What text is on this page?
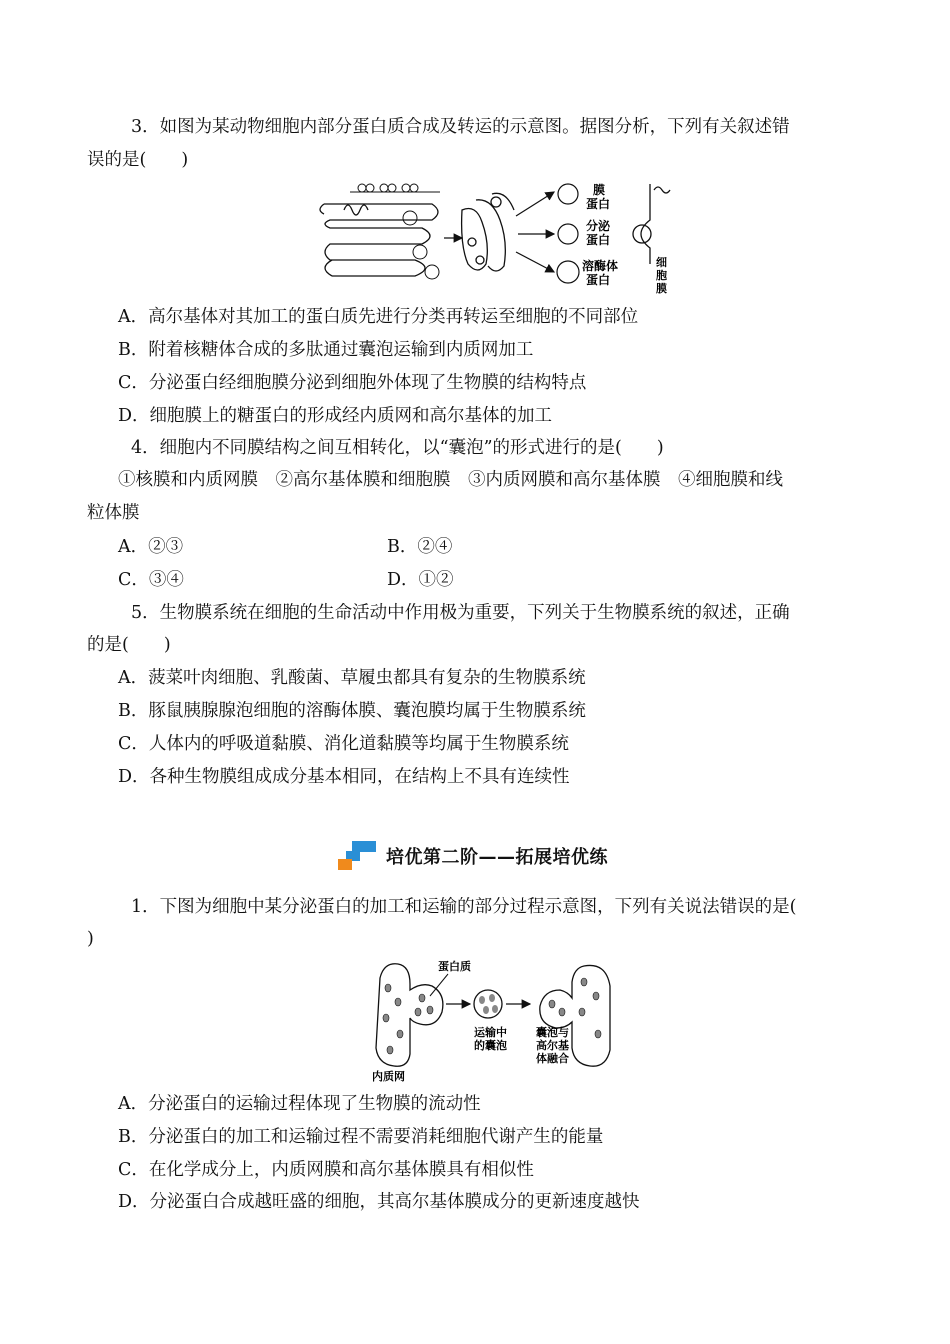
3．如图为某动物细胞内部分蛋白质合成及转运的示意图。据图分析，下列有关叙述错
误的是(　　)
膜
蛋白
分泌
蛋白
溶酶体
蛋白
细
胞
膜
A．高尔基体对其加工的蛋白质先进行分类再转运至细胞的不同部位
B．附着核糖体合成的多肽通过囊泡运输到内质网加工
C．分泌蛋白经细胞膜分泌到细胞外体现了生物膜的结构特点
D．细胞膜上的糖蛋白的形成经内质网和高尔基体的加工
4．细胞内不同膜结构之间互相转化，以“囊泡”的形式进行的是(　　)
①核膜和内质网膜　②高尔基体膜和细胞膜　③内质网膜和高尔基体膜　④细胞膜和线
粒体膜
A．②③	B．②④
C．③④	D．①②
5．生物膜系统在细胞的生命活动中作用极为重要，下列关于生物膜系统的叙述，正确
的是(　　)
A．菠菜叶肉细胞、乳酸菌、草履虫都具有复杂的生物膜系统
B．豚鼠胰腺腺泡细胞的溶酶体膜、囊泡膜均属于生物膜系统
C．人体内的呼吸道黏膜、消化道黏膜等均属于生物膜系统
D．各种生物膜组成成分基本相同，在结构上不具有连续性
培优第二阶——拓展培优练
1．下图为细胞中某分泌蛋白的加工和运输的部分过程示意图，下列有关说法错误的是(
)
蛋白质
运输中
的囊泡
囊泡与
高尔基
体融合
内质网
A．分泌蛋白的运输过程体现了生物膜的流动性
B．分泌蛋白的加工和运输过程不需要消耗细胞代谢产生的能量
C．在化学成分上，内质网膜和高尔基体膜具有相似性
D．分泌蛋白合成越旺盛的细胞，其高尔基体膜成分的更新速度越快
